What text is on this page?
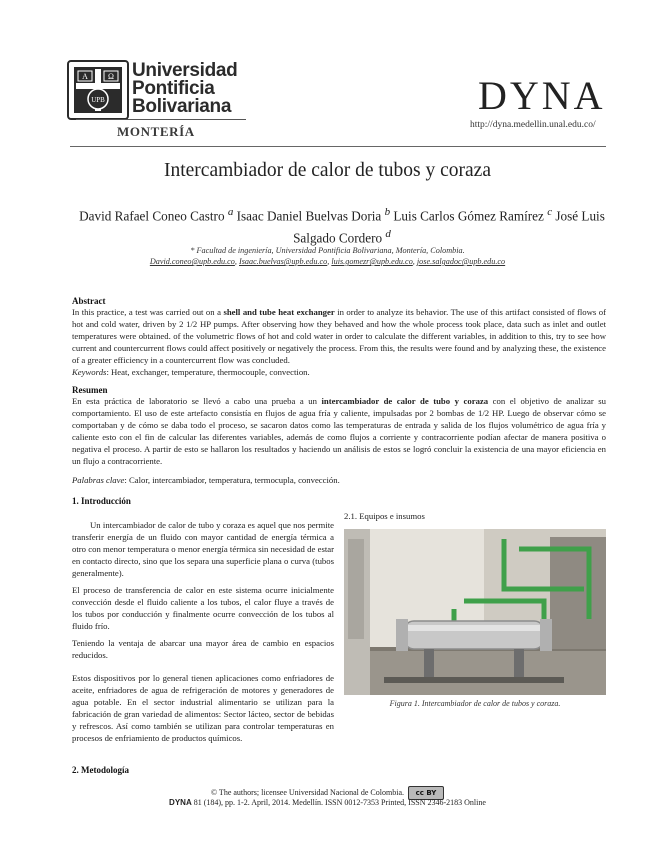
A	Ω
UPB
Universidad
Pontificia
Bolivariana
MONTERÍA
DYNA
http://dyna.medellin.unal.edu.co/
Intercambiador de calor de tubos y coraza
David Rafael Coneo Castro $^a$ Isaac Daniel Buelvas Doria $^b$ Luis Carlos Gómez Ramírez $^c$ José Luis Salgado Cordero $^d$
* Facultad de ingeniería, Universidad Pontificia Bolivariana, Montería, Colombia.
David.coneo@upb.edu.co, Isaac.buelvas@upb.edu.co, luis.gomezr@upb.edu.co, jose.salgadoc@upb.edu.co
Abstract
In this practice, a test was carried out on a shell and tube heat exchanger in order to analyze its behavior. The use of this artifact consisted of flows of hot and cold water, driven by 2 1/2 HP pumps. After observing how they behaved and how the whole process took place, data such as inlet and outlet temperatures were obtained. of the volumetric flows of hot and cold water in order to calculate the different variables, in addition to this, try to see how current and countercurrent flows could affect positively or negatively the process. From this, the results were found and by analyzing these, the existence of a greater efficiency in a countercurrent flow was concluded.
Keywords: Heat, exchanger, temperature, thermocouple, convection.
Resumen
En esta práctica de laboratorio se llevó a cabo una prueba a un intercambiador de calor de tubo y coraza con el objetivo de analizar su comportamiento. El uso de este artefacto consistía en flujos de agua fría y caliente, impulsadas por 2 bombas de 1/2 HP. Luego de observar cómo se comportaban y de cómo se daba todo el proceso, se sacaron datos como las temperaturas de entrada y salida de los flujos volumétrico de agua fría y caliente esto con el fin de calcular las diferentes variables, además de como flujos a corriente y contracorriente podían afectar de manera positiva o negativa el proceso. A partir de esto se hallaron los resultados y haciendo un análisis de estos se logró concluir la existencia de una mayor eficiencia en un flujo a contracorriente.
Palabras clave: Calor, intercambiador, temperatura, termocupla, convección.
1. Introducción
Un intercambiador de calor de tubo y coraza es aquel que nos permite transferir energía de un fluido con mayor cantidad de energía térmica a otro con menor temperatura o menor energía térmica sin necesidad de estar en contacto directo, sino que los separa una superficie plana o curva (tubos generalmente).
El proceso de transferencia de calor en este sistema ocurre inicialmente convección desde el fluido caliente a los tubos, el calor fluye a través de los tubos por conducción y finalmente ocurre convección de los tubos al fluido frío.
Teniendo la ventaja de abarcar una mayor área de cambio en espacios reducidos.
Estos dispositivos por lo general tienen aplicaciones como enfriadores de aceite, enfriadores de agua de refrigeración de motores y generadores de agua potable. En el sector industrial alimentario se utilizan para la fabricación de gran variedad de alimentos: Sector lácteo, sector de bebidas y refrescos. Así como también se utilizan para controlar temperaturas en procesos de enfriamiento de productos químicos.
2. Metodología
2.1. Equipos e insumos
Figura 1. Intercambiador de calor de tubos y coraza.
© The authors; licensee Universidad Nacional de Colombia. cc BY
DYNA 81 (184), pp. 1-2. April, 2014. Medellín. ISSN 0012-7353 Printed, ISSN 2346-2183 Online
